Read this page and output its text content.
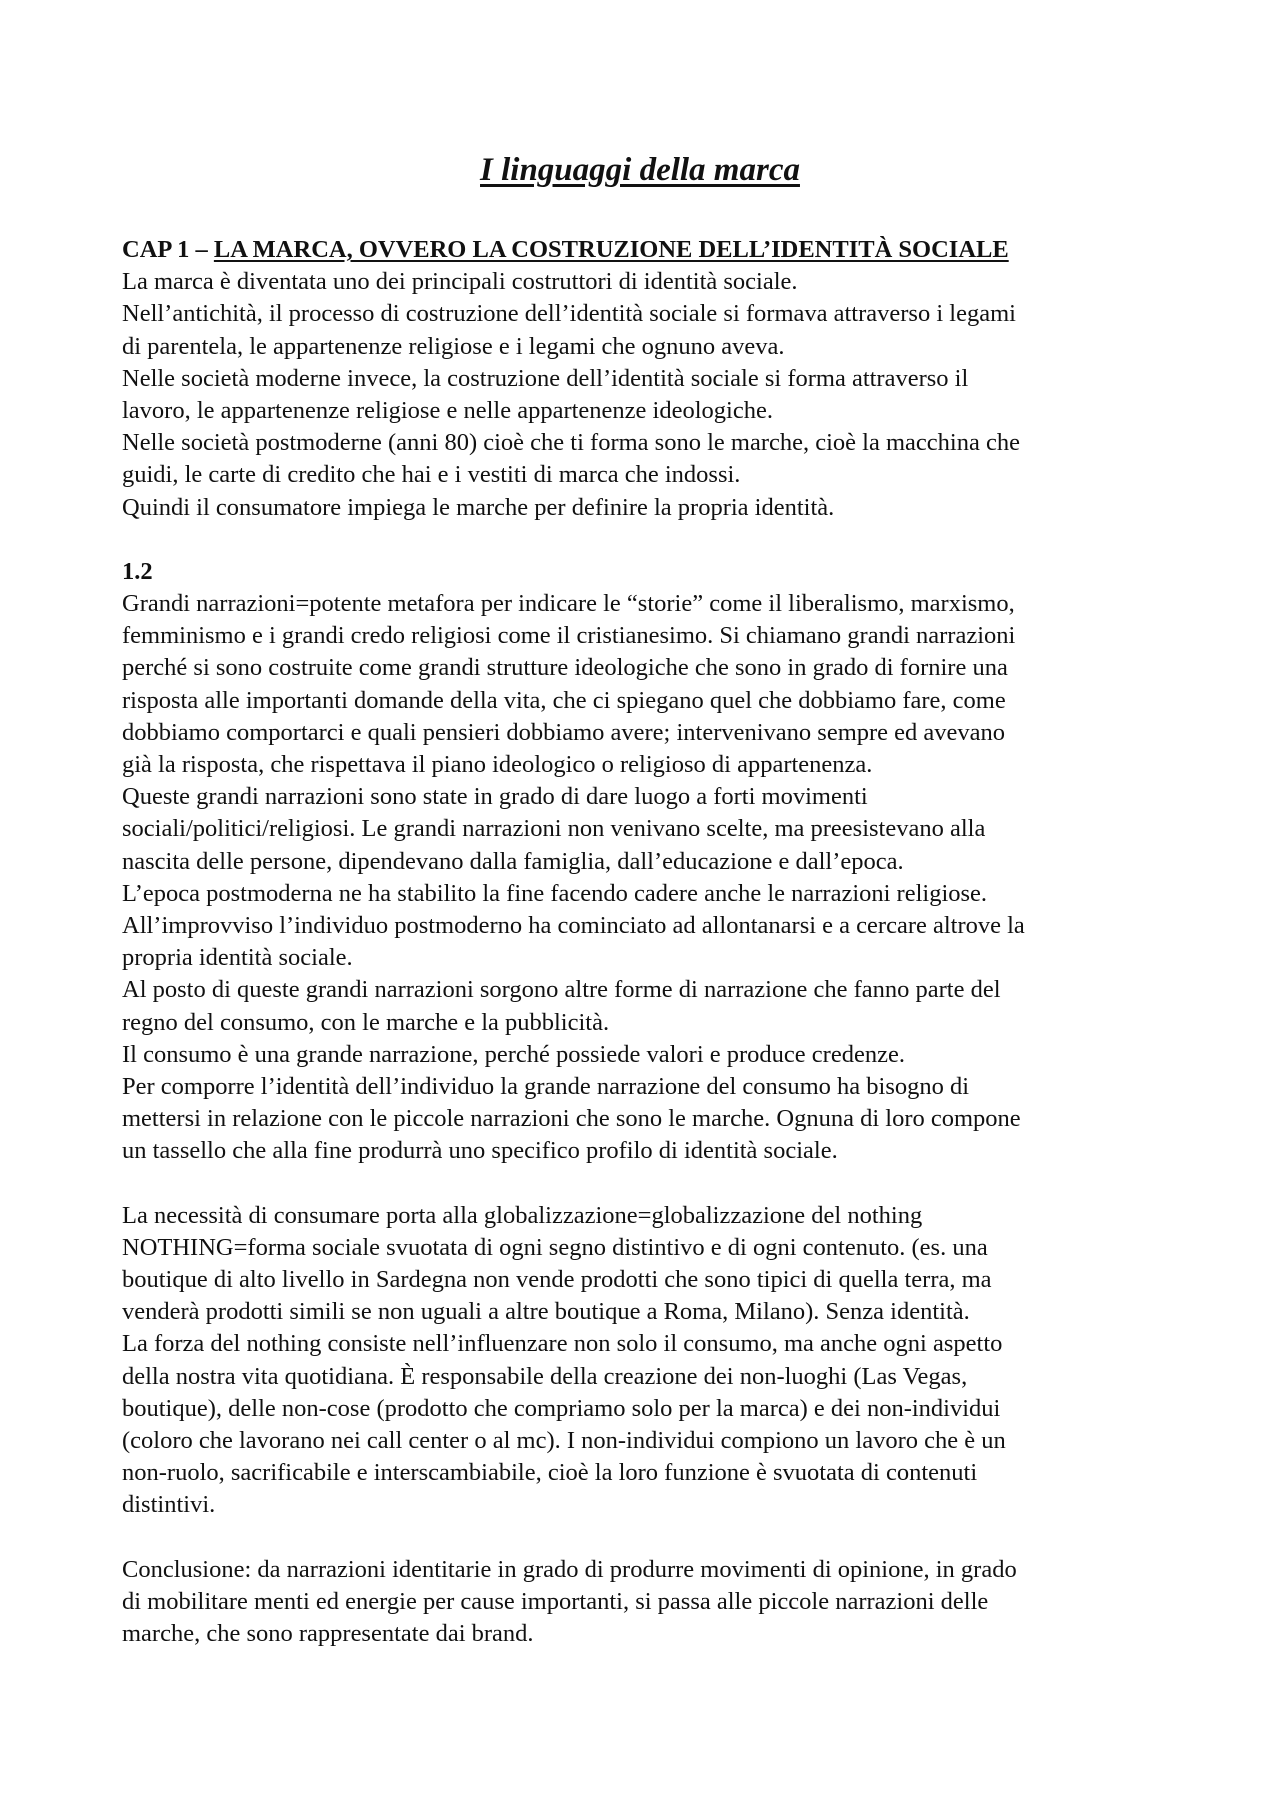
I linguaggi della marca
CAP 1 – LA MARCA, OVVERO LA COSTRUZIONE DELL’IDENTITÀ SOCIALE
La marca è diventata uno dei principali costruttori di identità sociale.
Nell’antichità, il processo di costruzione dell’identità sociale si formava attraverso i legami
di parentela, le appartenenze religiose e i legami che ognuno aveva.
Nelle società moderne invece, la costruzione dell’identità sociale si forma attraverso il
lavoro, le appartenenze religiose e nelle appartenenze ideologiche.
Nelle società postmoderne (anni 80) cioè che ti forma sono le marche, cioè la macchina che
guidi, le carte di credito che hai e i vestiti di marca che indossi.
Quindi il consumatore impiega le marche per definire la propria identità.
1.2
Grandi narrazioni=potente metafora per indicare le “storie” come il liberalismo, marxismo,
femminismo e i grandi credo religiosi come il cristianesimo. Si chiamano grandi narrazioni
perché si sono costruite come grandi strutture ideologiche che sono in grado di fornire una
risposta alle importanti domande della vita, che ci spiegano quel che dobbiamo fare, come
dobbiamo comportarci e quali pensieri dobbiamo avere; intervenivano sempre ed avevano
già la risposta, che rispettava il piano ideologico o religioso di appartenenza.
Queste grandi narrazioni sono state in grado di dare luogo a forti movimenti
sociali/politici/religiosi. Le grandi narrazioni non venivano scelte, ma preesistevano alla
nascita delle persone, dipendevano dalla famiglia, dall’educazione e dall’epoca.
L’epoca postmoderna ne ha stabilito la fine facendo cadere anche le narrazioni religiose.
All’improvviso l’individuo postmoderno ha cominciato ad allontanarsi e a cercare altrove la
propria identità sociale.
Al posto di queste grandi narrazioni sorgono altre forme di narrazione che fanno parte del
regno del consumo, con le marche e la pubblicità.
Il consumo è una grande narrazione, perché possiede valori e produce credenze.
Per comporre l’identità dell’individuo la grande narrazione del consumo ha bisogno di
mettersi in relazione con le piccole narrazioni che sono le marche. Ognuna di loro compone
un tassello che alla fine produrrà uno specifico profilo di identità sociale.
La necessità di consumare porta alla globalizzazione=globalizzazione del nothing
NOTHING=forma sociale svuotata di ogni segno distintivo e di ogni contenuto. (es. una
boutique di alto livello in Sardegna non vende prodotti che sono tipici di quella terra, ma
venderà prodotti simili se non uguali a altre boutique a Roma, Milano). Senza identità.
La forza del nothing consiste nell’influenzare non solo il consumo, ma anche ogni aspetto
della nostra vita quotidiana. È responsabile della creazione dei non-luoghi (Las Vegas,
boutique), delle non-cose (prodotto che compriamo solo per la marca) e dei non-individui
(coloro che lavorano nei call center o al mc). I non-individui compiono un lavoro che è un
non-ruolo, sacrificabile e interscambiabile, cioè la loro funzione è svuotata di contenuti
distintivi.
Conclusione: da narrazioni identitarie in grado di produrre movimenti di opinione, in grado
di mobilitare menti ed energie per cause importanti, si passa alle piccole narrazioni delle
marche, che sono rappresentate dai brand.
